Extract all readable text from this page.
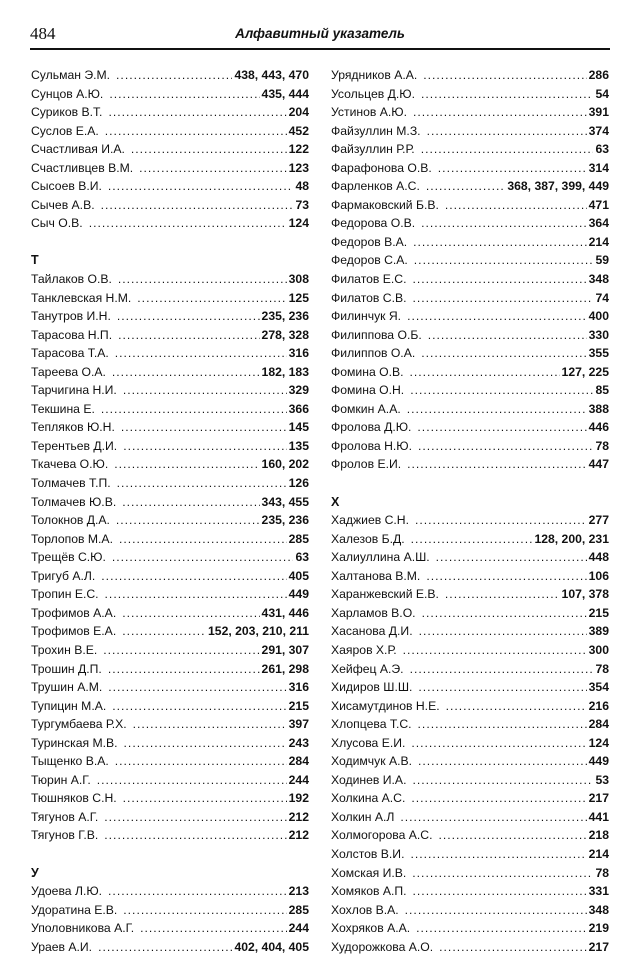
484	Алфавитный указатель
Сульман Э.М. .....	438, 443, 470
Сунцов А.Ю. .....	435, 444
Суриков В.Т. .....	204
Суслов Е.А. .....	452
Счастливая И.А. .....	122
Счастливцев В.М. .....	123
Сысоев В.И. .....	48
Сычев А.В. .....	73
Сыч О.В. .....	124
Т
Тайлаков О.В. .....	308
Танклевская Н.М. .....	125
Танутров И.Н. .....	235, 236
Тарасова Н.П. .....	278, 328
Тарасова Т.А. .....	316
Тареева О.А. .....	182, 183
Тарчигина Н.И. .....	329
Текшина Е. .....	366
Тепляков Ю.Н. .....	145
Терентьев Д.И. .....	135
Ткачева О.Ю. .....	160, 202
Толмачев Т.П. .....	126
Толмачев Ю.В. .....	343, 455
Толокнов Д.А. .....	235, 236
Торлопов М.А. .....	285
Трещёв С.Ю. .....	63
Тригуб А.Л. .....	405
Тропин Е.С. .....	449
Трофимов А.А. .....	431, 446
Трофимов Е.А. .....	152, 203, 210, 211
Трохин В.Е. .....	291, 307
Трошин Д.П. .....	261, 298
Трушин А.М. .....	316
Тупицин М.А. .....	215
Тургумбаева Р.Х. .....	397
Туринская М.В. .....	243
Тыщенко В.А. .....	284
Тюрин А.Г. .....	244
Тюшняков С.Н. .....	192
Тягунов А.Г. .....	212
Тягунов Г.В. .....	212
У
Удоева Л.Ю. .....	213
Удоратина Е.В. .....	285
Уполовникова А.Г. .....	244
Ураев А.И. .....	402, 404, 405
Урядников А.А. .....	286
Усольцев Д.Ю. .....	54
Устинов А.Ю. .....	391
Файзуллин М.З. .....	374
Файзуллин Р.Р. .....	63
Фарафонова О.В. .....	314
Фарленков А.С. .....	368, 387, 399, 449
Фармаковский Б.В. .....	471
Федорова О.В. .....	364
Федоров В.А. .....	214
Федоров С.А. .....	59
Филатов Е.С. .....	348
Филатов С.В. .....	74
Филинчук Я. .....	400
Филиппова О.Б. .....	330
Филиппов О.А. .....	355
Фомина О.В. .....	127, 225
Фомина О.Н. .....	85
Фомкин А.А. .....	388
Фролова Д.Ю. .....	446
Фролова Н.Ю. .....	78
Фролов Е.И. .....	447
Х
Хаджиев С.Н. .....	277
Халезов Б.Д. .....	128, 200, 231
Халиуллина А.Ш. .....	448
Халтанова В.М. .....	106
Харанжевский Е.В. .....	107, 378
Харламов В.О. .....	215
Хасанова Д.И. .....	389
Хаяров Х.Р. .....	300
Хейфец А.Э. .....	78
Хидиров Ш.Ш. .....	354
Хисамутдинов Н.Е. .....	216
Хлопцева Т.С. .....	284
Хлусова Е.И. .....	124
Ходимчук А.В. .....	449
Ходинев И.А. .....	53
Холкина А.С. .....	217
Холкин А.Л .....	441
Холмогорова А.С. .....	218
Холстов В.И. .....	214
Хомская И.В. .....	78
Хомяков А.П. .....	331
Хохлов В.А. .....	348
Хохряков А.А. .....	219
Худорожкова А.О. .....	217
